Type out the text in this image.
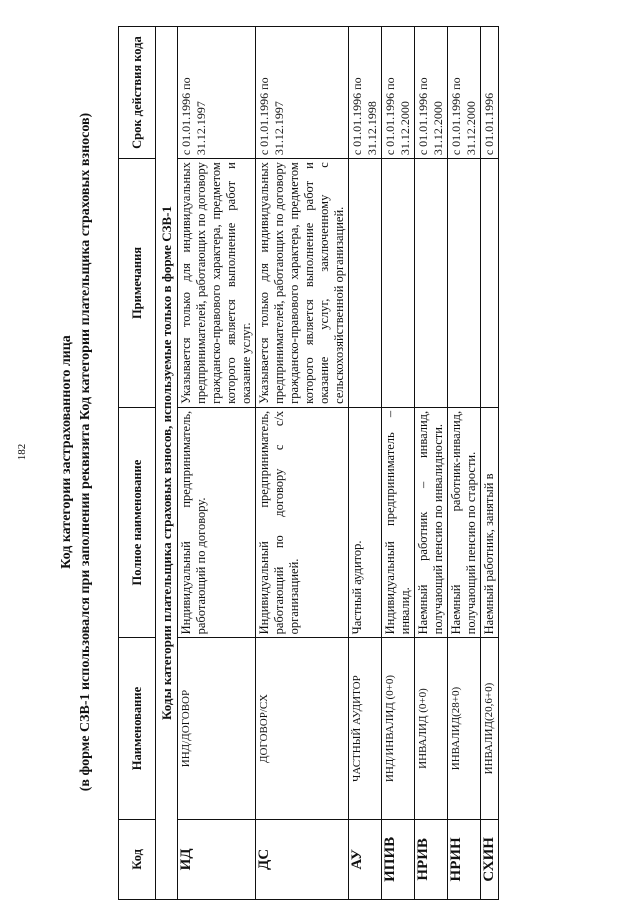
182 Код категории застрахованного лица (в форме СЗВ-1 использовался при заполнении реквизита Код категории плательщика страховых взносов)
Код	Наименование	Полное наименование	Примечания	Срок действия кода
Коды категории плательщика страховых взносов, используемые только в форме СЗВ-1				
ИД	ИНД/ДОГОВОР	Индивидуальный предприниматель, работающий по договору.	Указывается только для индивидуальных предпринимателей, работающих по договору гражданско-правового характера, предметом которого является выполнение работ и оказание услуг.	с 01.01.1996 по 31.12.1997
ДС	ДОГОВОР/СХ	Индивидуальный предприниматель, работающий по договору с с/х организацией.	Указывается только для индивидуальных предпринимателей, работающих по договору гражданско-правового характера, предметом которого является выполнение работ и оказание услуг, заключенному с сельскохозяйственной организацией.	с 01.01.1996 по 31.12.1997
АУ	ЧАСТНЫЙ АУДИТОР	Частный аудитор.		с 01.01.1996 по 31.12.1998
ИПИВ	ИНД/ИНВАЛИД (0+0)	Индивидуальный предприниматель – инвалид.		с 01.01.1996 по 31.12.2000
НРИВ	ИНВАЛИД (0+0)	Наемный работник – инвалид, получающий пенсию по инвалидности.		с 01.01.1996 по 31.12.2000
НРИН	ИНВАЛИД(28+0)	Наемный работник-инвалид, получающий пенсию по старости.		с 01.01.1996 по 31.12.2000
СХИН	ИНВАЛИД(20,6+0)	Наемный работник, занятый в		с 01.01.1996
